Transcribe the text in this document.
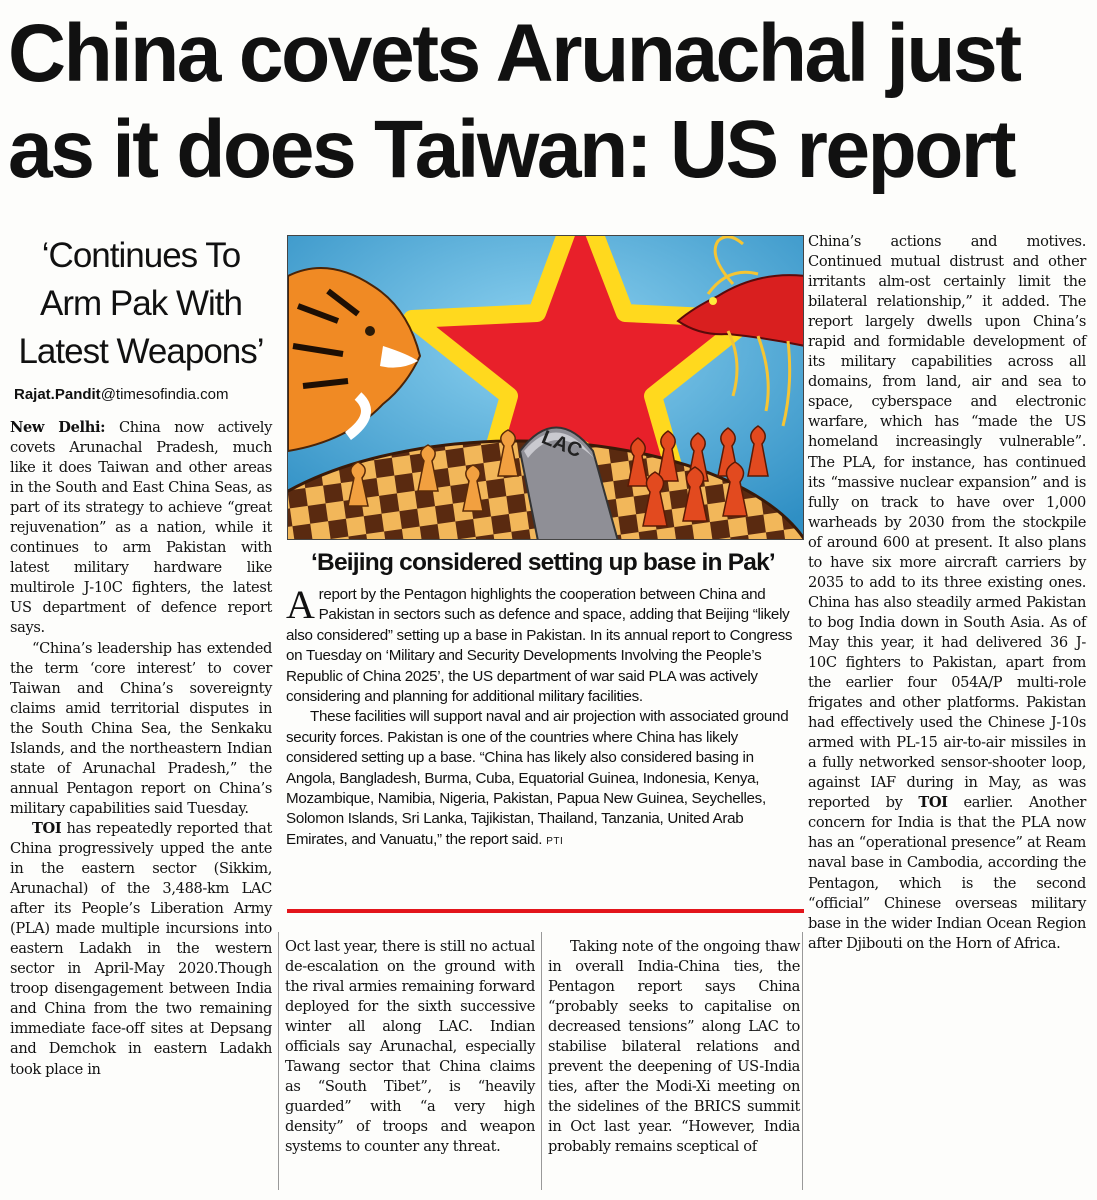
China covets Arunachal just as it does Taiwan: US report
‘Continues To Arm Pak With Latest Weapons’
Rajat.Pandit@timesofindia.com

New Delhi: China now actively covets Arunachal Pradesh, much like it does Taiwan and other areas in the South and East China Seas, as part of its strategy to achieve “great rejuvenation” as a nation, while it continues to arm Pakistan with latest military hardware like multirole J-10C fighters, the latest US department of defence report says.

“China’s leadership has extended the term ‘core interest’ to cover Taiwan and China’s sovereignty claims amid territorial disputes in the South China Sea, the Senkaku Islands, and the northeastern Indian state of Arunachal Pradesh,” the annual Pentagon report on China’s military capabilities said Tuesday.

TOI has repeatedly reported that China progressively upped the ante in the eastern sector (Sikkim, Arunachal) of the 3,488-km LAC after its People’s Liberation Army (PLA) made multiple incursions into eastern Ladakh in the western sector in April-May 2020.Though troop disengagement between India and China from the two remaining immediate face-off sites at Depsang and Demchok in eastern Ladakh took place in

LAC
‘Beijing considered setting up base in Pak’

A report by the Pentagon highlights the cooperation between China and Pakistan in sectors such as defence and space, adding that Beijing “likely also considered” setting up a base in Pakistan. In its annual report to Congress on Tuesday on ‘Military and Security Developments Involving the People’s Republic of China 2025’, the US department of war said PLA was actively considering and planning for additional military facilities.

These facilities will support naval and air projection with associated ground security forces. Pakistan is one of the countries where China has likely considered setting up a base. “China has likely also considered basing in Angola, Bangladesh, Burma, Cuba, Equatorial Guinea, Indonesia, Kenya, Mozambique, Namibia, Nigeria, Pakistan, Papua New Guinea, Seychelles, Solomon Islands, Sri Lanka, Tajikistan, Thailand, Tanzania, United Arab Emirates, and Vanuatu,” the report said. PTI

Oct last year, there is still no actual de-escalation on the ground with the rival armies remaining forward deployed for the sixth successive winter all along LAC. Indian officials say Arunachal, especially Tawang sector that China claims as “South Tibet”, is “heavily guarded” with “a very high density” of troops and weapon systems to counter any threat.

Taking note of the ongoing thaw in overall India-China ties, the Pentagon report says China “probably seeks to capitalise on decreased tensions” along LAC to stabilise bilateral relations and prevent the deepening of US-India ties, after the Modi-Xi meeting on the sidelines of the BRICS summit in Oct last year. “However, India probably remains sceptical of

China’s actions and motives. Continued mutual distrust and other irritants alm-ost certainly limit the bilateral relationship,” it added. The report largely dwells upon China’s rapid and formidable development of its military capabilities across all domains, from land, air and sea to space, cyberspace and electronic warfare, which has “made the US homeland increasingly vulnerable”. The PLA, for instance, has continued its “massive nuclear expansion” and is fully on track to have over 1,000 warheads by 2030 from the stockpile of around 600 at present. It also plans to have six more aircraft carriers by 2035 to add to its three existing ones. China has also steadily armed Pakistan to bog India down in South Asia. As of May this year, it had delivered 36 J-10C fighters to Pakistan, apart from the earlier four 054A/P multi-role frigates and other platforms. Pakistan had effectively used the Chinese J-10s armed with PL-15 air-to-air missiles in a fully networked sensor-shooter loop, against IAF during in May, as was reported by TOI earlier. Another concern for India is that the PLA now has an “operational presence” at Ream naval base in Cambodia, according the Pentagon, which is the second “official” Chinese overseas military base in the wider Indian Ocean Region after Djibouti on the Horn of Africa.
